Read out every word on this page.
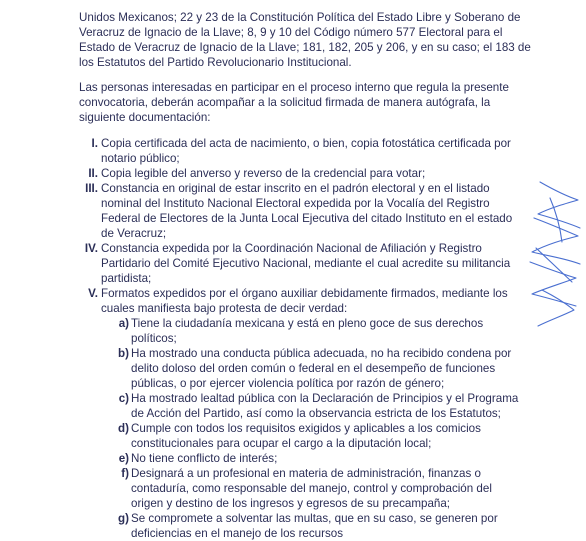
Unidos Mexicanos; 22 y 23 de la Constitución Política del Estado Libre y Soberano de
Veracruz de Ignacio de la Llave; 8, 9 y 10 del Código número 577 Electoral para el
Estado de Veracruz de Ignacio de la Llave; 181, 182, 205 y 206, y en su caso; el 183 de
los Estatutos del Partido Revolucionario Institucional.
Las personas interesadas en participar en el proceso interno que regula la presente
convocatoria, deberán acompañar a la solicitud firmada de manera autógrafa, la
siguiente documentación:
I. Copia certificada del acta de nacimiento, o bien, copia fotostática certificada por
notario público;
II. Copia legible del anverso y reverso de la credencial para votar;
III. Constancia en original de estar inscrito en el padrón electoral y en el listado
nominal del Instituto Nacional Electoral expedida por la Vocalía del Registro
Federal de Electores de la Junta Local Ejecutiva del citado Instituto en el estado
de Veracruz;
IV. Constancia expedida por la Coordinación Nacional de Afiliación y Registro
Partidario del Comité Ejecutivo Nacional, mediante el cual acredite su militancia
partidista;
V. Formatos expedidos por el órgano auxiliar debidamente firmados, mediante los
cuales manifiesta bajo protesta de decir verdad:
a) Tiene la ciudadanía mexicana y está en pleno goce de sus derechos
políticos;
b) Ha mostrado una conducta pública adecuada, no ha recibido condena por
delito doloso del orden común o federal en el desempeño de funciones
públicas, o por ejercer violencia política por razón de género;
c) Ha mostrado lealtad pública con la Declaración de Principios y el Programa
de Acción del Partido, así como la observancia estricta de los Estatutos;
d) Cumple con todos los requisitos exigidos y aplicables a los comicios
constitucionales para ocupar el cargo a la diputación local;
e) No tiene conflicto de interés;
f) Designará a un profesional en materia de administración, finanzas o
contaduría, como responsable del manejo, control y comprobación del
origen y destino de los ingresos y egresos de su precampaña;
g) Se compromete a solventar las multas, que en su caso, se generen por
deficiencias en el manejo de los recursos
